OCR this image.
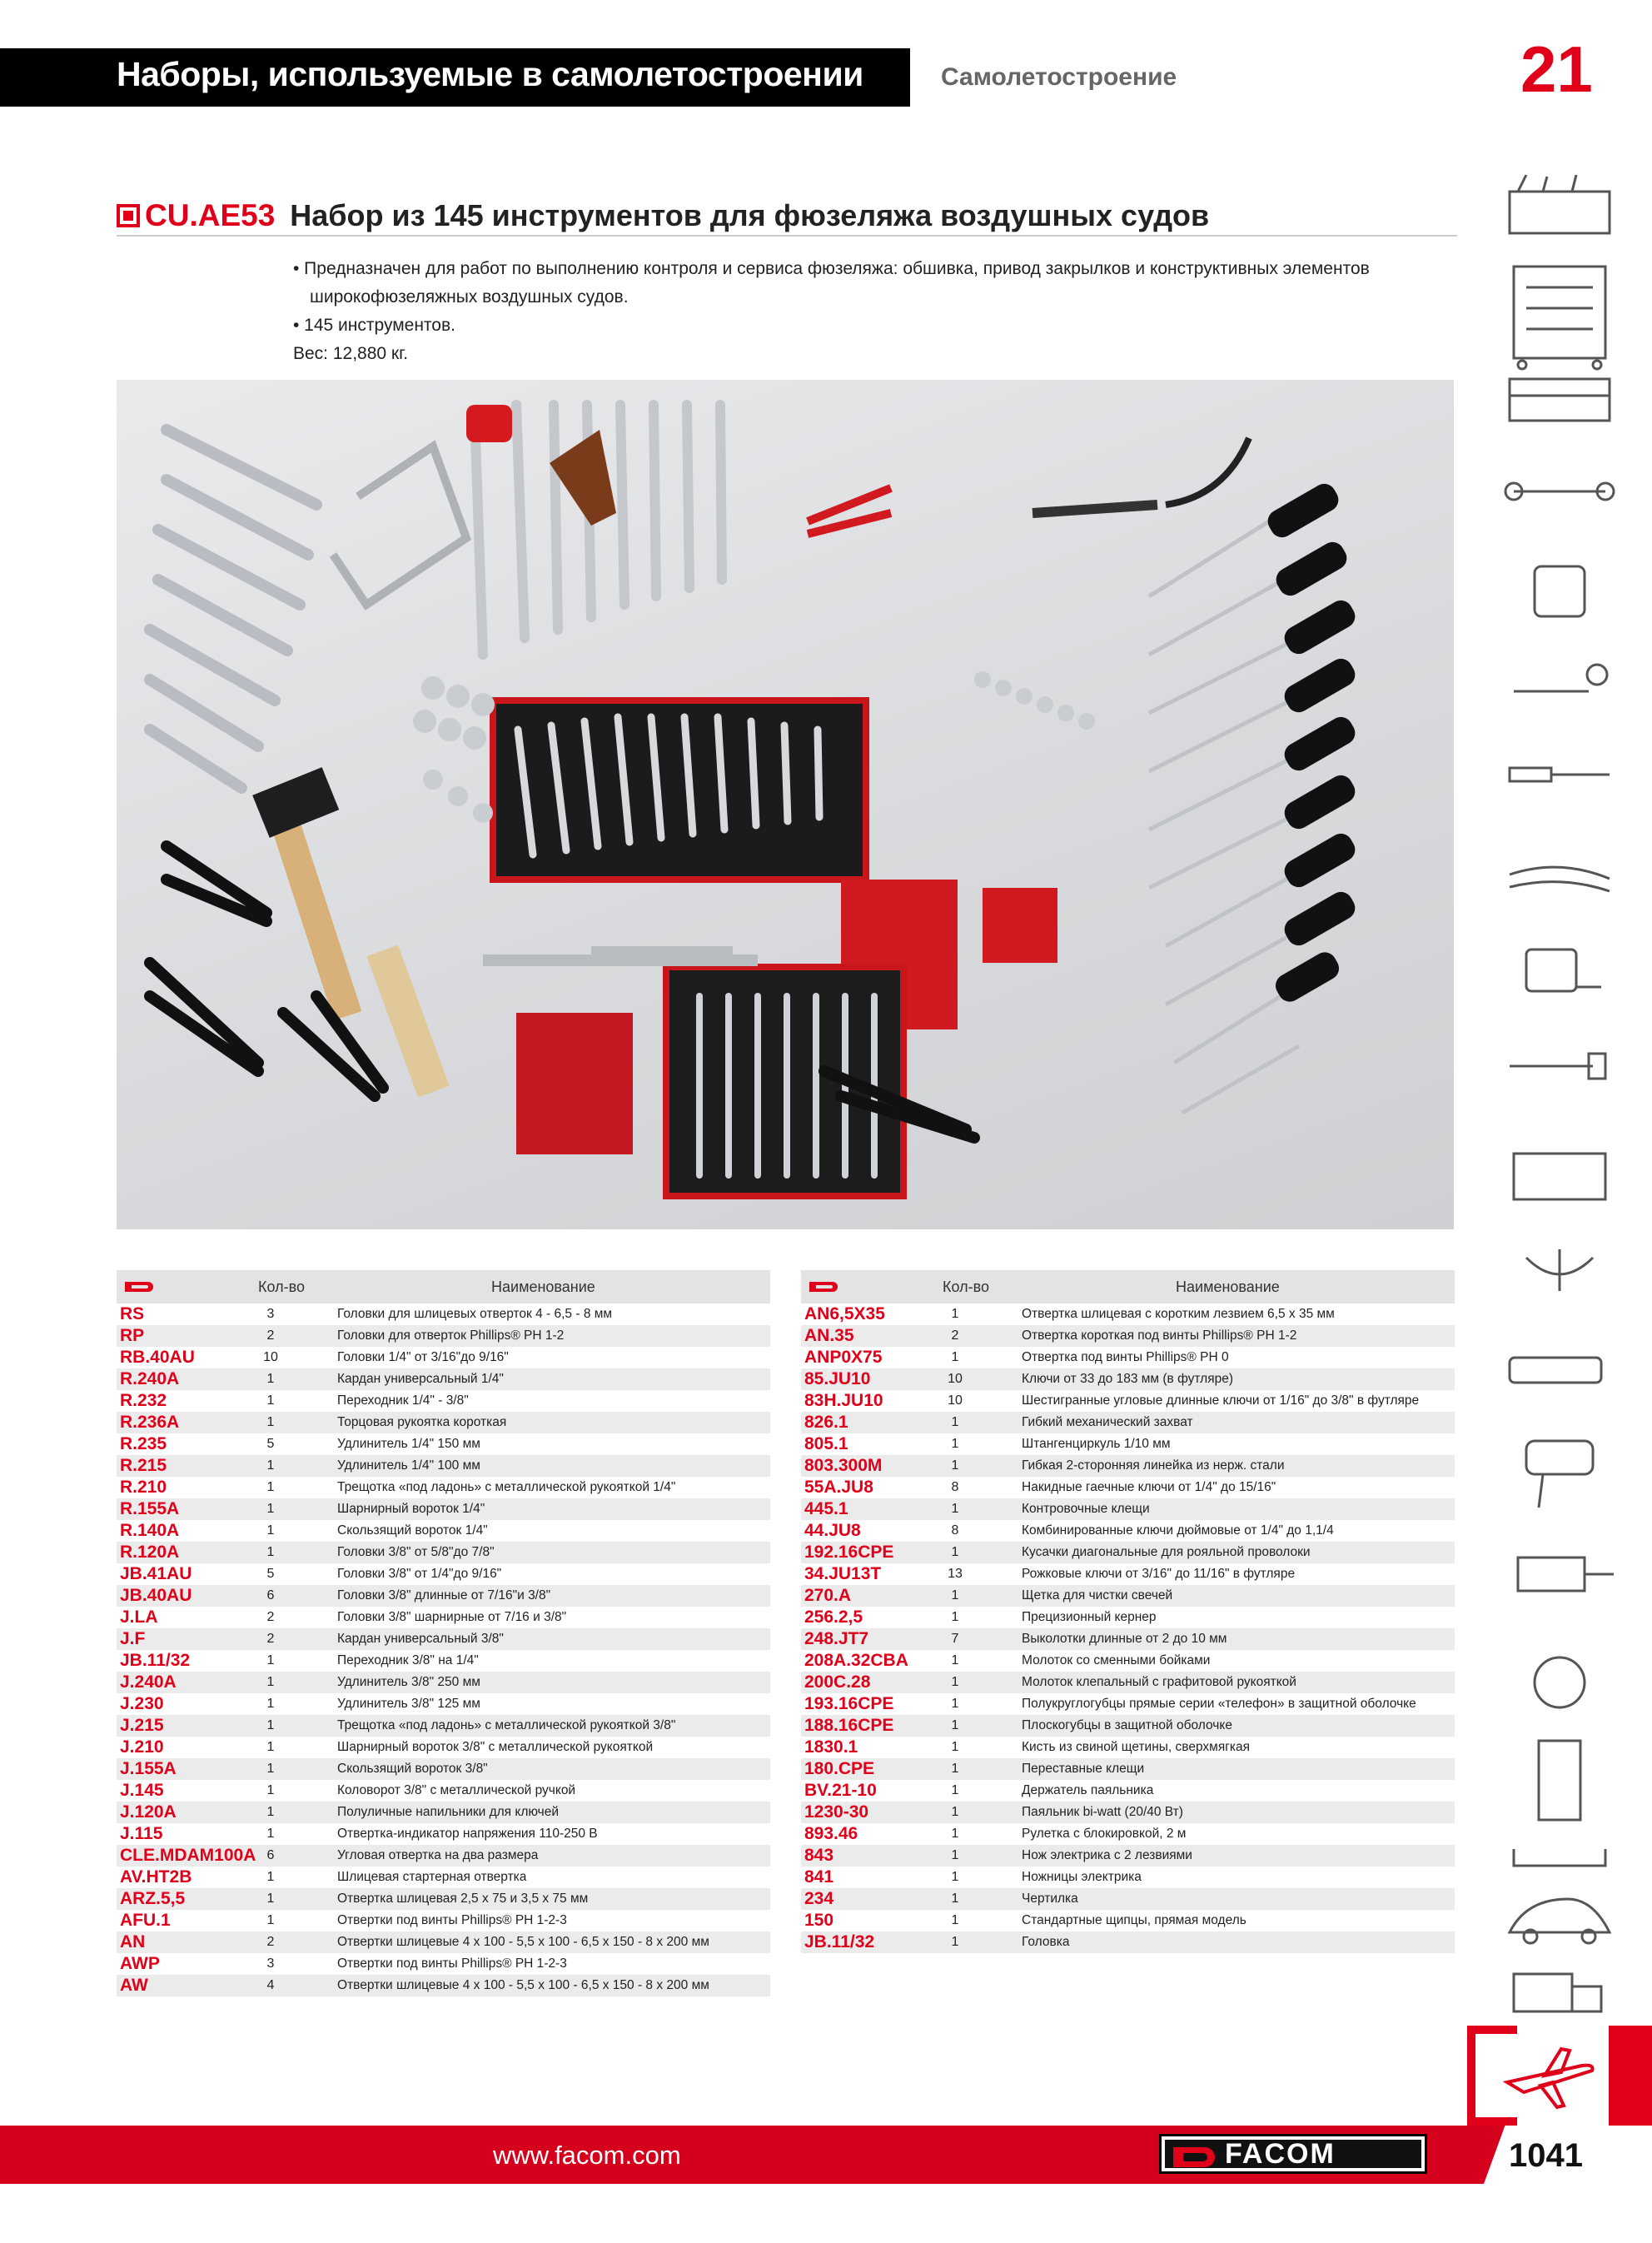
Наборы, используемые в самолетостроении	Самолетостроение	21
CU.AE53 Набор из 145 инструментов для фюзеляжа воздушных судов
• Предназначен для работ по выполнению контроля и сервиса фюзеляжа: обшивка, привод закрылков и конструктивных элементов
широкофюзеляжных воздушных судов.
• 145 инструментов.
Вес: 12,880 кг.
Кол-во	Наименование
RS	3	Головки для шлицевых отверток 4 - 6,5 - 8 мм
RP	2	Головки для отверток Phillips® PH 1-2
RB.40AU	10	Головки 1/4" от 3/16"до 9/16"
R.240A	1	Кардан универсальный 1/4"
R.232	1	Переходник 1/4" - 3/8"
R.236A	1	Торцовая рукоятка короткая
R.235	5	Удлинитель 1/4" 150 мм
R.215	1	Удлинитель 1/4" 100 мм
R.210	1	Трещотка «под ладонь» с металлической рукояткой 1/4"
R.155A	1	Шарнирный вороток 1/4"
R.140A	1	Скользящий вороток 1/4"
R.120A	1	Головки 3/8" от 5/8"до 7/8"
JB.41AU	5	Головки 3/8" от 1/4"до 9/16"
JB.40AU	6	Головки 3/8" длинные от 7/16"и 3/8"
J.LA	2	Головки 3/8" шарнирные от 7/16 и 3/8"
J.F	2	Кардан универсальный 3/8"
JB.11/32	1	Переходник 3/8" на 1/4"
J.240A	1	Удлинитель 3/8" 250 мм
J.230	1	Удлинитель 3/8" 125 мм
J.215	1	Трещотка «под ладонь» с металлической рукояткой 3/8"
J.210	1	Шарнирный вороток 3/8" с металлической рукояткой
J.155A	1	Скользящий вороток 3/8"
J.145	1	Коловорот 3/8" с металлической ручкой
J.120A	1	Полуличные напильники для ключей
J.115	1	Отвертка-индикатор напряжения 110-250 В
CLE.MDAM100A 6	Угловая отвертка на два размера
AV.HT2B	1	Шлицевая стартерная отвертка
ARZ.5,5	1	Отвертка шлицевая 2,5 x 75 и 3,5 x 75 мм
AFU.1	1	Отвертки под винты Phillips® PH 1-2-3
AN	2	Отвертки шлицевые 4 x 100 - 5,5 x 100 - 6,5 x 150 - 8 x 200 мм
AWP	3	Отвертки под винты Phillips® PH 1-2-3
AW	4	Отвертки шлицевые 4 x 100 - 5,5 x 100 - 6,5 x 150 - 8 x 200 мм
Кол-во	Наименование
AN6,5X35	1	Отвертка шлицевая с коротким лезвием 6,5 x 35 мм
AN.35	2	Отвертка короткая под винты Phillips® PH 1-2
ANP0X75	1	Отвертка под винты Phillips® PH 0
85.JU10	10	Ключи от 33 до 183 мм (в футляре)
83H.JU10	10	Шестигранные угловые длинные ключи от 1/16" до 3/8" в футляре
826.1	1	Гибкий механический захват
805.1	1	Штангенциркуль 1/10 мм
803.300M	1	Гибкая 2-сторонняя линейка из нерж. стали
55A.JU8	8	Накидные гаечные ключи от 1/4" до 15/16"
445.1	1	Контровочные клещи
44.JU8	8	Комбинированные ключи дюймовые от 1/4" до 1,1/4
192.16CPE	1	Кусачки диагональные для рояльной проволоки
34.JU13T	13	Рожковые ключи от 3/16" до 11/16" в футляре
270.A	1	Щетка для чистки свечей
256.2,5	1	Прецизионный кернер
248.JT7	7	Выколотки длинные от 2 до 10 мм
208A.32CBA	1	Молоток со сменными бойками
200C.28	1	Молоток клепальный с графитовой рукояткой
193.16CPE	1	Полукруглогубцы прямые серии «телефон» в защитной оболочке
188.16CPE	1	Плоскогубцы в защитной оболочке
1830.1	1	Кисть из свиной щетины, сверхмягкая
180.CPE	1	Переставные клещи
BV.21-10	1	Держатель паяльника
1230-30	1	Паяльник bi-watt (20/40 Вт)
893.46	1	Рулетка с блокировкой, 2 м
843	1	Нож электрика с 2 лезвиями
841	1	Ножницы электрика
234	1	Чертилка
150	1	Стандартные щипцы, прямая модель
JB.11/32	1	Головка
www.facom.com	FACOM	1041
